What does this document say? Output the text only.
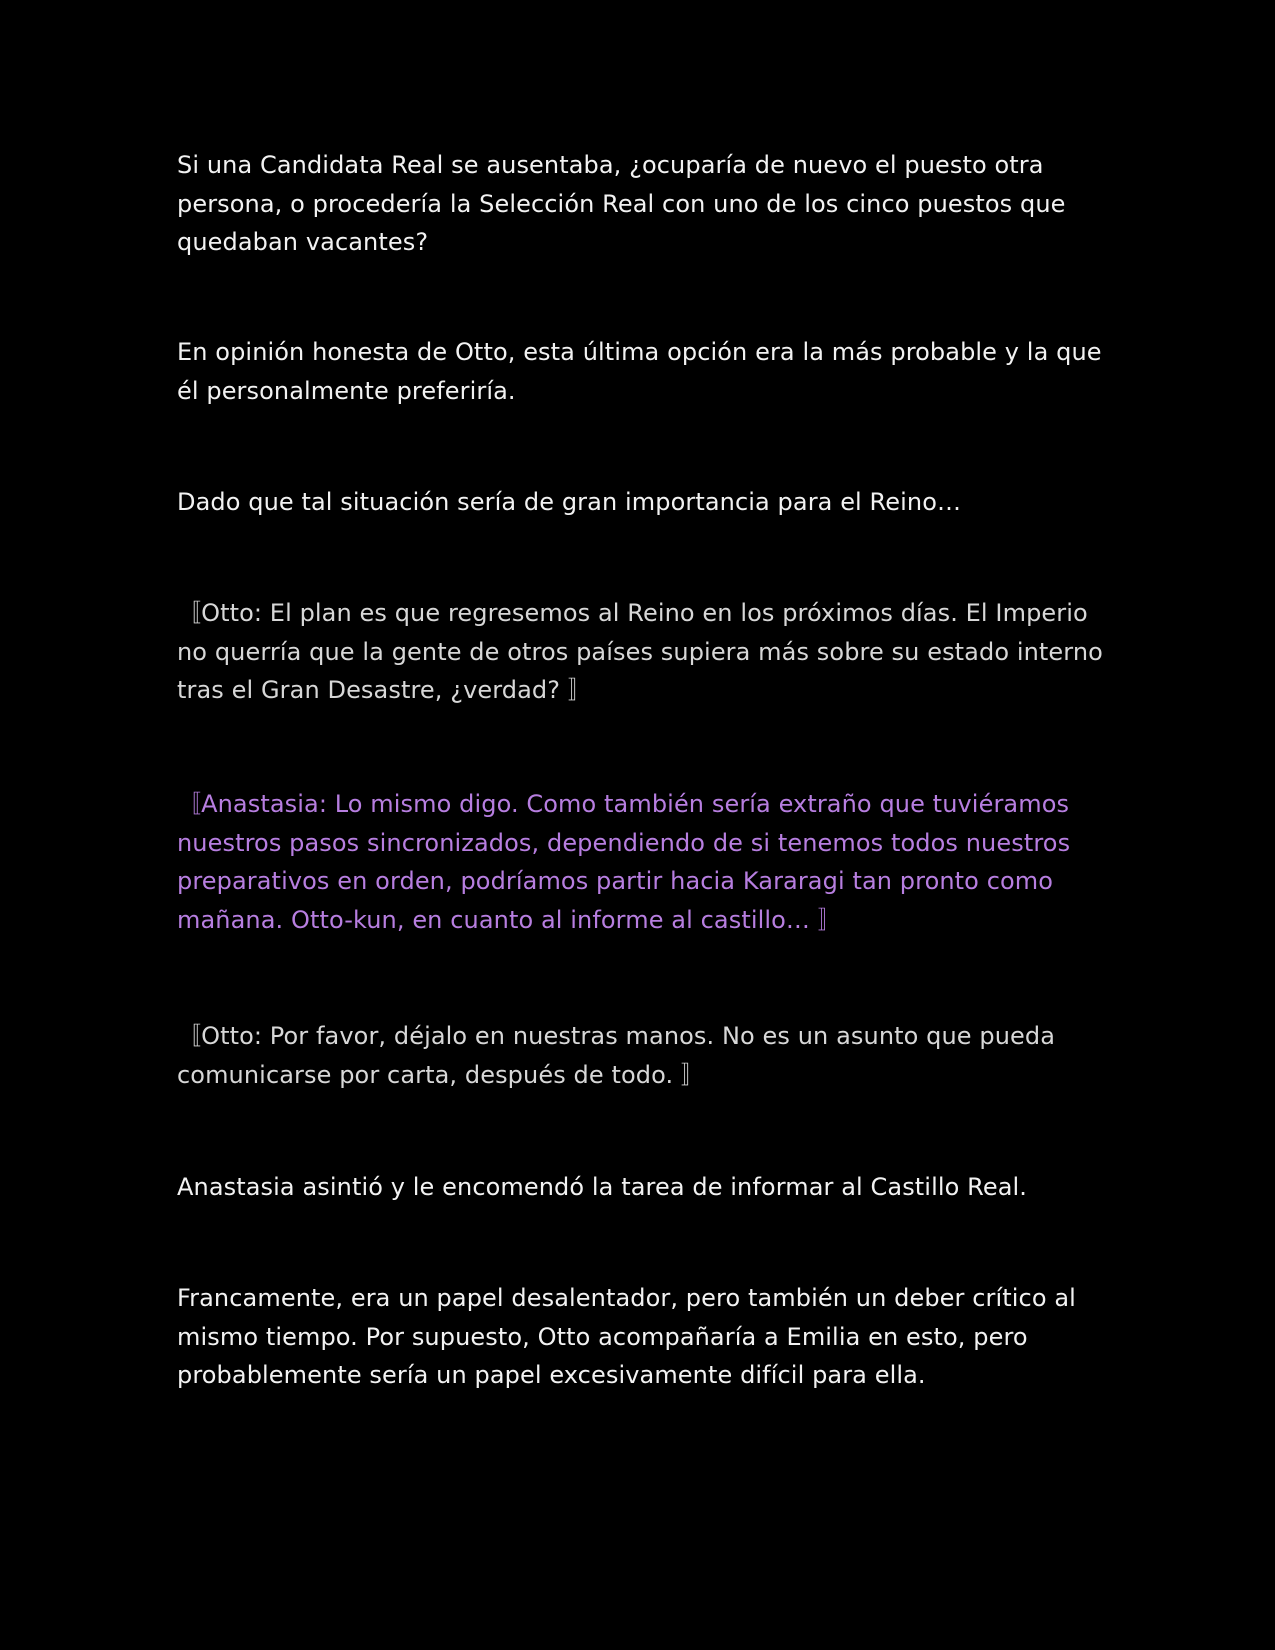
Si una Candidata Real se ausentaba, ¿ocuparía de nuevo el puesto otra persona, o procedería la Selección Real con uno de los cinco puestos que quedaban vacantes?

En opinión honesta de Otto, esta última opción era la más probable y la que él personalmente preferiría.

Dado que tal situación sería de gran importancia para el Reino…

〚Otto: El plan es que regresemos al Reino en los próximos días. El Imperio no querría que la gente de otros países supiera más sobre su estado interno tras el Gran Desastre, ¿verdad? 〛

〚Anastasia: Lo mismo digo. Como también sería extraño que tuviéramos nuestros pasos sincronizados, dependiendo de si tenemos todos nuestros preparativos en orden, podríamos partir hacia Kararagi tan pronto como mañana. Otto-kun, en cuanto al informe al castillo… 〛

〚Otto: Por favor, déjalo en nuestras manos. No es un asunto que pueda comunicarse por carta, después de todo. 〛

Anastasia asintió y le encomendó la tarea de informar al Castillo Real.

Francamente, era un papel desalentador, pero también un deber crítico al mismo tiempo. Por supuesto, Otto acompañaría a Emilia en esto, pero probablemente sería un papel excesivamente difícil para ella.
